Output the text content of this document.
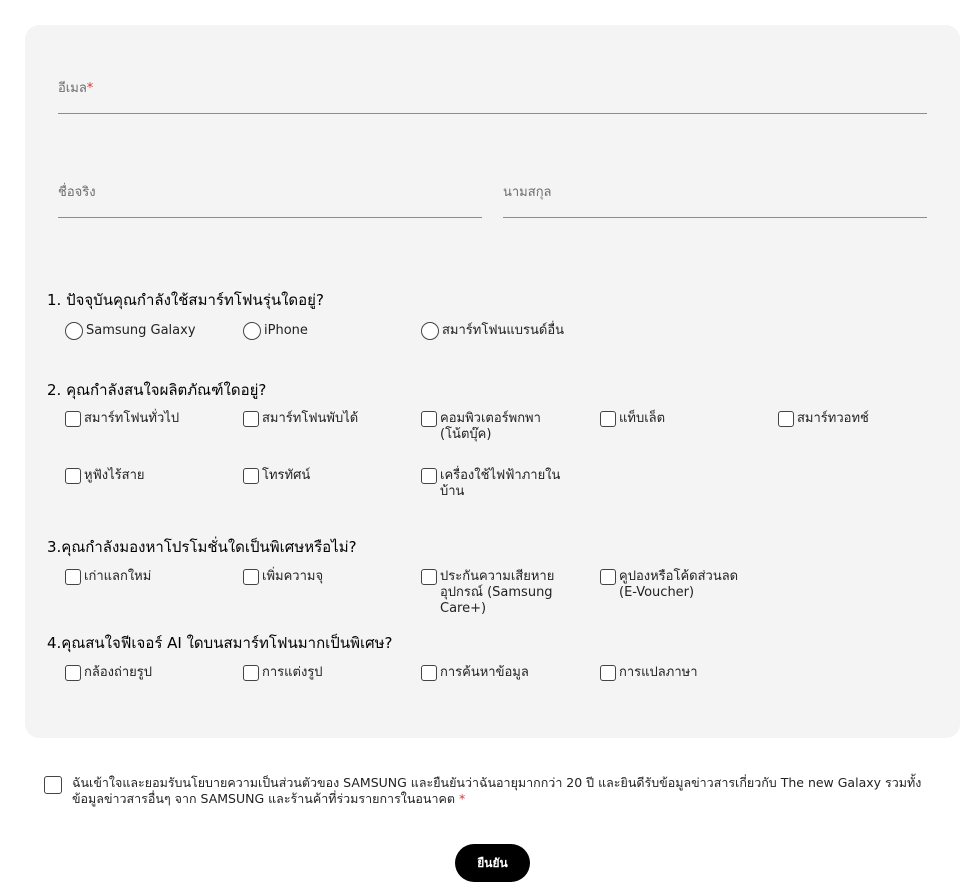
อีเมล*
ชื่อจริง	นามสกุล
1. ปัจจุบันคุณกำลังใช้สมาร์ทโฟนรุ่นใดอยู่?
Samsung Galaxy	iPhone	สมาร์ทโฟนแบรนด์อื่น
2. คุณกำลังสนใจผลิตภัณฑ์ใดอยู่?
สมาร์ทโฟนทั่วไป	สมาร์ทโฟนพับได้	คอมพิวเตอร์พกพา (โน้ตบุ๊ค)
แท็บเล็ต	สมาร์ทวอทช์
หูฟังไร้สาย	โทรทัศน์	เครื่องใช้ไฟฟ้าภายในบ้าน
3.คุณกำลังมองหาโปรโมชั่นใดเป็นพิเศษหรือไม่?
เก่าแลกใหม่	เพิ่มความจุ	ประกันความเสียหายอุปกรณ์ (Samsung Care+)
คูปองหรือโค้ดส่วนลด (E-Voucher)
4.คุณสนใจฟีเจอร์ AI ใดบนสมาร์ทโฟนมากเป็นพิเศษ?
กล้องถ่ายรูป	การแต่งรูป	การค้นหาข้อมูล	การแปลภาษา
ฉันเข้าใจและยอมรับนโยบายความเป็นส่วนตัวของ SAMSUNG และยืนยันว่าฉันอายุมากกว่า 20 ปี และยินดีรับข้อมูลข่าวสารเกี่ยวกับ The new Galaxy รวมทั้งข้อมูลข่าวสารอื่นๆ จาก SAMSUNG และร้านค้าที่ร่วมรายการในอนาคต *
ยืนยัน
